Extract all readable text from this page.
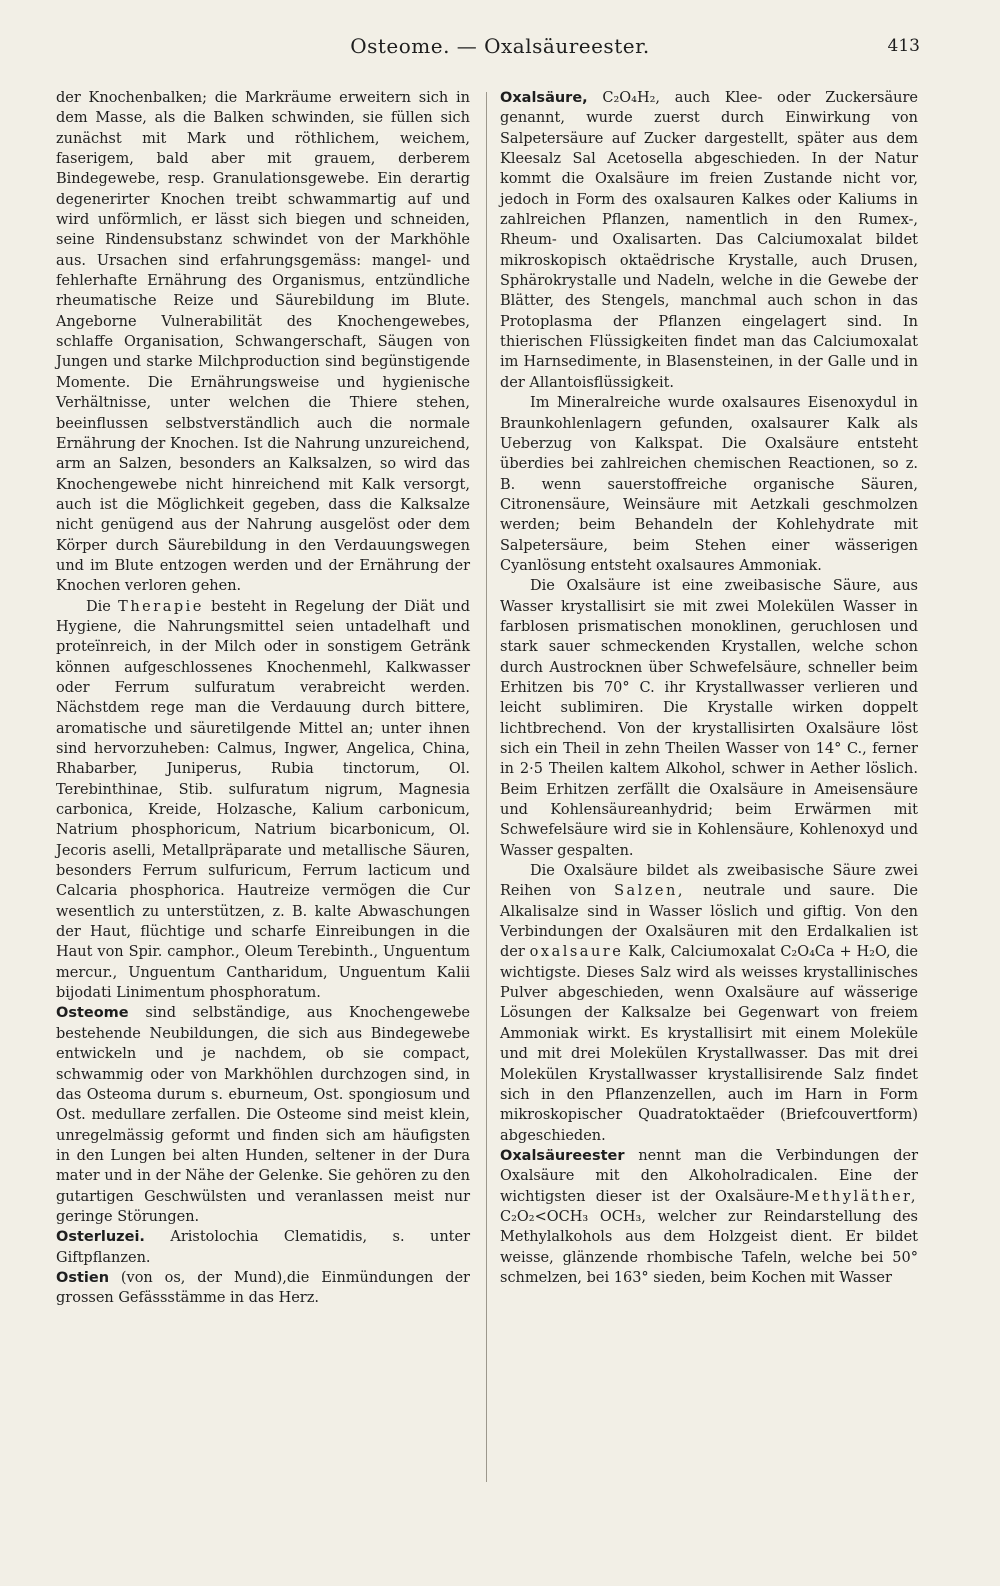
Osteome. — Oxalsäureester.	413

der Knochenbalken; die Markräume erweitern sich in dem Masse, als die Balken schwinden, sie füllen sich zunächst mit Mark und röthlichem, weichem, faserigem, bald aber mit grauem, derberem Bindegewebe, resp. Granulationsgewebe. Ein derartig degenerirter Knochen treibt schwammartig auf und wird unförmlich, er lässt sich biegen und schneiden, seine Rindensubstanz schwindet von der Markhöhle aus. Ursachen sind erfahrungsgemäss: mangel- und fehlerhafte Ernährung des Organismus, entzündliche rheumatische Reize und Säurebildung im Blute. Angeborne Vulnerabilität des Knochengewebes, schlaffe Organisation, Schwangerschaft, Säugen von Jungen und starke Milchproduction sind begünstigende Momente. Die Ernährungsweise und hygienische Verhältnisse, unter welchen die Thiere stehen, beeinflussen selbstverständlich auch die normale Ernährung der Knochen. Ist die Nahrung unzureichend, arm an Salzen, besonders an Kalksalzen, so wird das Knochengewebe nicht hinreichend mit Kalk versorgt, auch ist die Möglichkeit gegeben, dass die Kalksalze nicht genügend aus der Nahrung ausgelöst oder dem Körper durch Säurebildung in den Verdauungswegen und im Blute entzogen werden und der Ernährung der Knochen verloren gehen.

Die Therapie besteht in Regelung der Diät und Hygiene, die Nahrungsmittel seien untadelhaft und proteïnreich, in der Milch oder in sonstigem Getränk können aufgeschlossenes Knochenmehl, Kalkwasser oder Ferrum sulfuratum verabreicht werden. Nächstdem rege man die Verdauung durch bittere, aromatische und säuretilgende Mittel an; unter ihnen sind hervorzuheben: Calmus, Ingwer, Angelica, China, Rhabarber, Juniperus, Rubia tinctorum, Ol. Terebinthinae, Stib. sulfuratum nigrum, Magnesia carbonica, Kreide, Holzasche, Kalium carbonicum, Natrium phosphoricum, Natrium bicarbonicum, Ol. Jecoris aselli, Metallpräparate und metallische Säuren, besonders Ferrum sulfuricum, Ferrum lacticum und Calcaria phosphorica. Hautreize vermögen die Cur wesentlich zu unterstützen, z. B. kalte Abwaschungen der Haut, flüchtige und scharfe Einreibungen in die Haut von Spir. camphor., Oleum Terebinth., Unguentum mercur., Unguentum Cantharidum, Unguentum Kalii bijodati Linimentum phosphoratum.

Osteome sind selbständige, aus Knochengewebe bestehende Neubildungen, die sich aus Bindegewebe entwickeln und je nachdem, ob sie compact, schwammig oder von Markhöhlen durchzogen sind, in das Osteoma durum s. eburneum, Ost. spongiosum und Ost. medullare zerfallen. Die Osteome sind meist klein, unregelmässig geformt und finden sich am häufigsten in den Lungen bei alten Hunden, seltener in der Dura mater und in der Nähe der Gelenke. Sie gehören zu den gutartigen Geschwülsten und veranlassen meist nur geringe Störungen.

Osterluzei. Aristolochia Clematidis, s. unter Giftpflanzen.

Ostien (von os, der Mund),die Einmündungen der grossen Gefässstämme in das Herz.

Oxalsäure, C₂O₄H₂, auch Klee- oder Zuckersäure genannt, wurde zuerst durch Einwirkung von Salpetersäure auf Zucker dargestellt, später aus dem Kleesalz Sal Acetosella abgeschieden. In der Natur kommt die Oxalsäure im freien Zustande nicht vor, jedoch in Form des oxalsauren Kalkes oder Kaliums in zahlreichen Pflanzen, namentlich in den Rumex-, Rheum- und Oxalisarten. Das Calciumoxalat bildet mikroskopisch oktaëdrische Krystalle, auch Drusen, Sphärokrystalle und Nadeln, welche in die Gewebe der Blätter, des Stengels, manchmal auch schon in das Protoplasma der Pflanzen eingelagert sind. In thierischen Flüssigkeiten findet man das Calciumoxalat im Harnsedimente, in Blasensteinen, in der Galle und in der Allantoisflüssigkeit.

Im Mineralreiche wurde oxalsaures Eisenoxydul in Braunkohlenlagern gefunden, oxalsaurer Kalk als Ueberzug von Kalkspat. Die Oxalsäure entsteht überdies bei zahlreichen chemischen Reactionen, so z. B. wenn sauerstoffreiche organische Säuren, Citronensäure, Weinsäure mit Aetzkali geschmolzen werden; beim Behandeln der Kohlehydrate mit Salpetersäure, beim Stehen einer wässerigen Cyanlösung entsteht oxalsaures Ammoniak.

Die Oxalsäure ist eine zweibasische Säure, aus Wasser krystallisirt sie mit zwei Molekülen Wasser in farblosen prismatischen monoklinen, geruchlosen und stark sauer schmeckenden Krystallen, welche schon durch Austrocknen über Schwefelsäure, schneller beim Erhitzen bis 70° C. ihr Krystallwasser verlieren und leicht sublimiren. Die Krystalle wirken doppelt lichtbrechend. Von der krystallisirten Oxalsäure löst sich ein Theil in zehn Theilen Wasser von 14° C., ferner in 2·5 Theilen kaltem Alkohol, schwer in Aether löslich. Beim Erhitzen zerfällt die Oxalsäure in Ameisensäure und Kohlensäureanhydrid; beim Erwärmen mit Schwefelsäure wird sie in Kohlensäure, Kohlenoxyd und Wasser gespalten.

Die Oxalsäure bildet als zweibasische Säure zwei Reihen von Salzen, neutrale und saure. Die Alkalisalze sind in Wasser löslich und giftig. Von den Verbindungen der Oxalsäuren mit den Erdalkalien ist der oxalsaure Kalk, Calciumoxalat C₂O₄Ca + H₂O, die wichtigste. Dieses Salz wird als weisses krystallinisches Pulver abgeschieden, wenn Oxalsäure auf wässerige Lösungen der Kalksalze bei Gegenwart von freiem Ammoniak wirkt. Es krystallisirt mit einem Moleküle und mit drei Molekülen Krystallwasser. Das mit drei Molekülen Krystallwasser krystallisirende Salz findet sich in den Pflanzenzellen, auch im Harn in Form mikroskopischer Quadratoktaëder (Briefcouvertform) abgeschieden.

Oxalsäureester nennt man die Verbindungen der Oxalsäure mit den Alkoholradicalen. Eine der wichtigsten dieser ist der Oxalsäure-Methyläther, C₂O₂<OCH₃ OCH₃, welcher zur Reindarstellung des Methylalkohols aus dem Holzgeist dient. Er bildet weisse, glänzende rhombische Tafeln, welche bei 50° schmelzen, bei 163° sieden, beim Kochen mit Wasser
